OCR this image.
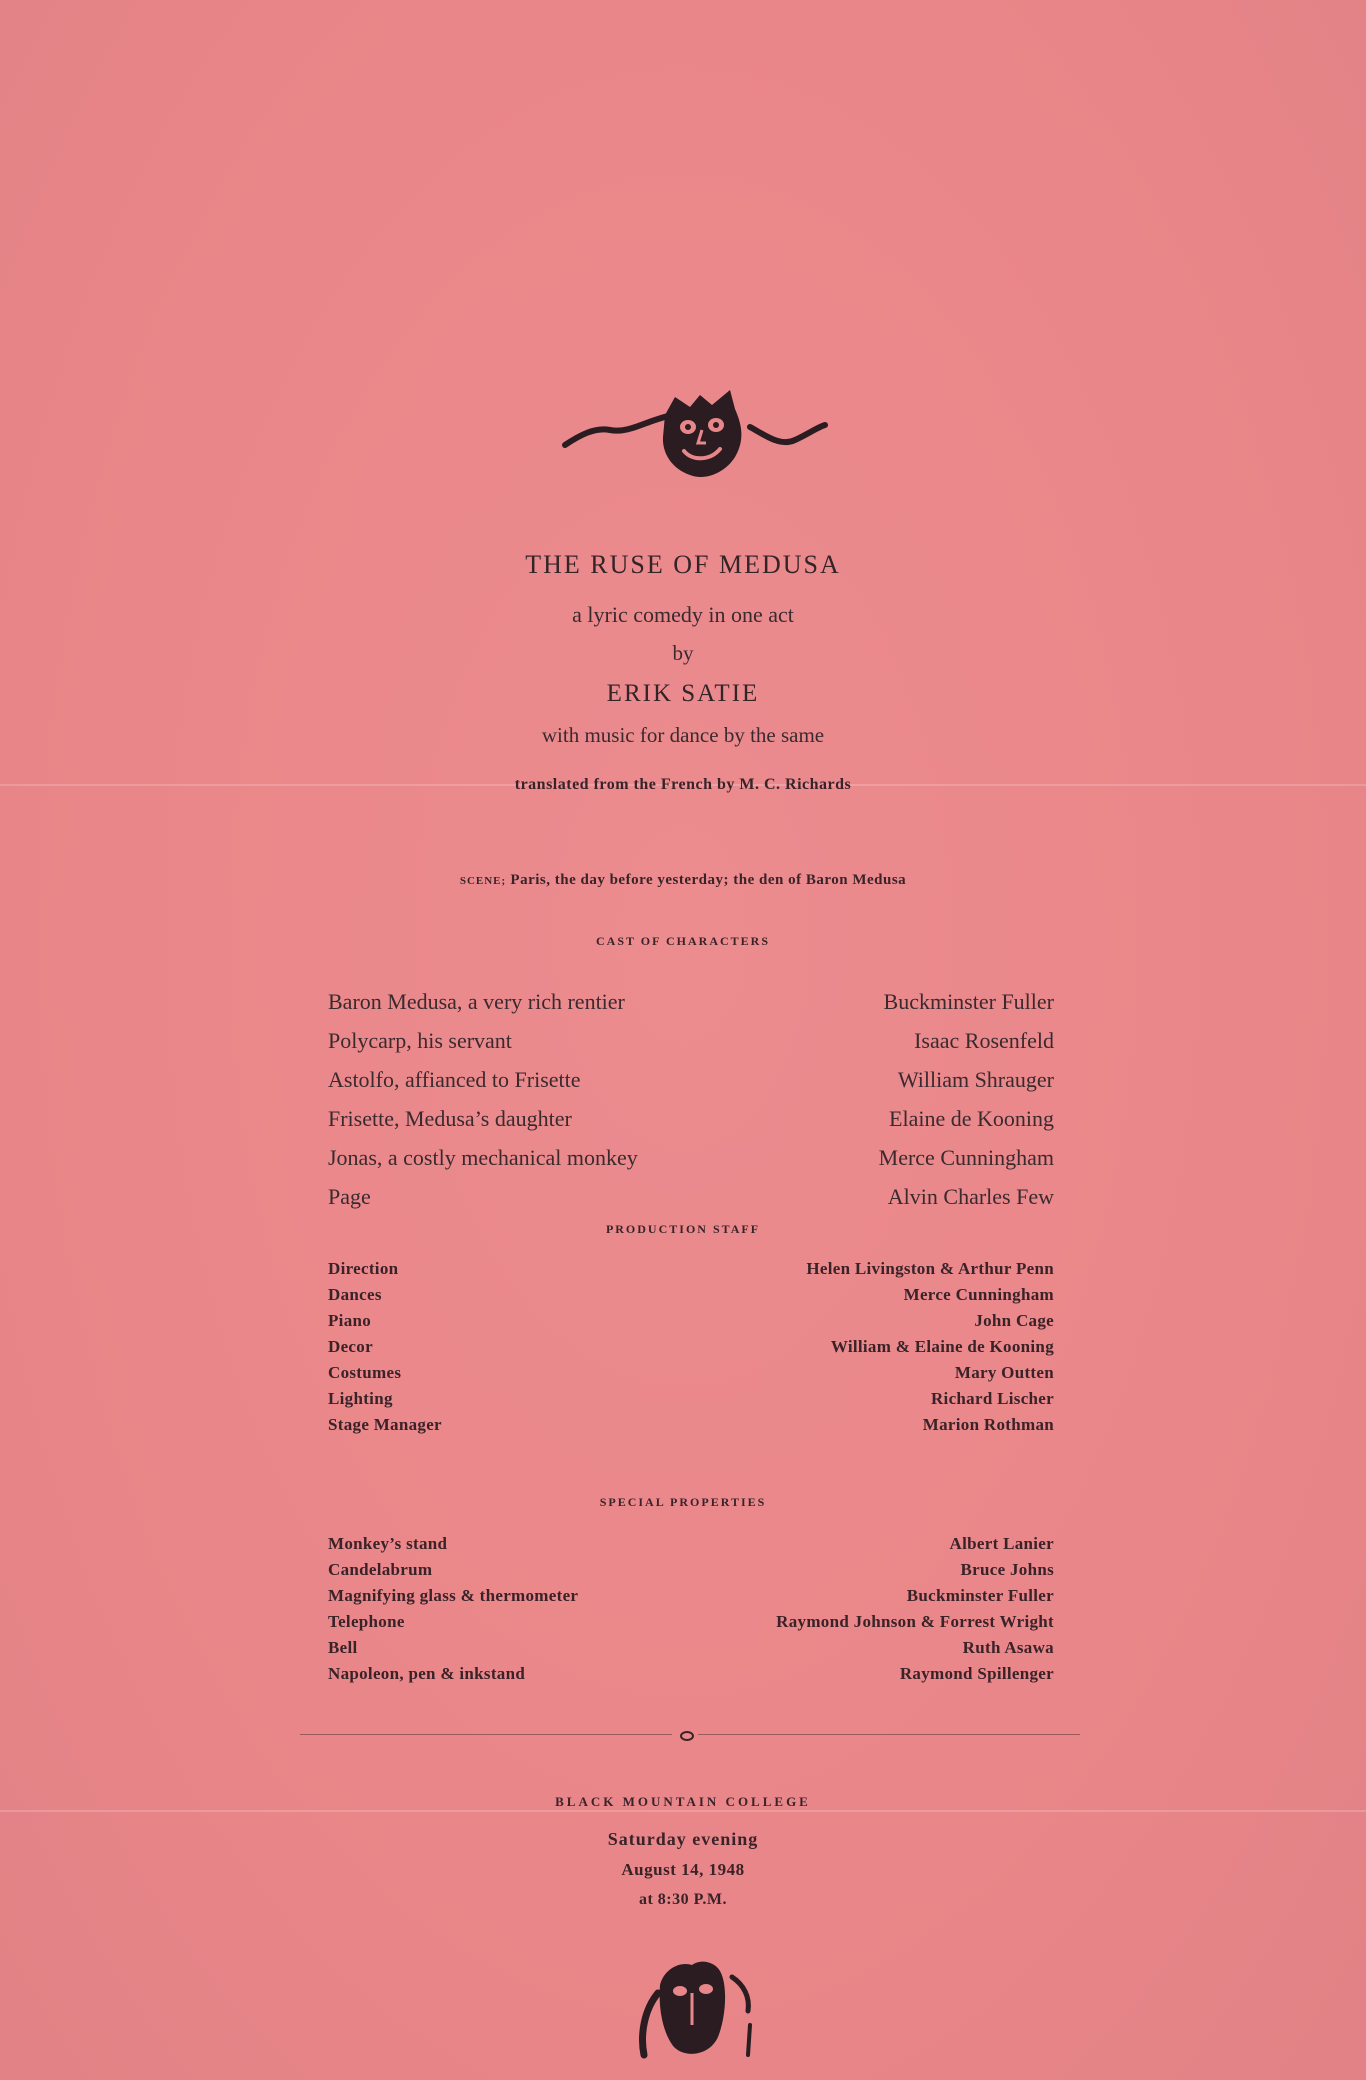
THE RUSE OF MEDUSA
a lyric comedy in one act
by
ERIK SATIE
with music for dance by the same
translated from the French by M. C. Richards
SCENE; Paris, the day before yesterday; the den of Baron Medusa
CAST OF CHARACTERS
Baron Medusa, a very rich rentier	Buckminster Fuller
Polycarp, his servant	Isaac Rosenfeld
Astolfo, affianced to Frisette	William Shrauger
Frisette, Medusa’s daughter	Elaine de Kooning
Jonas, a costly mechanical monkey	Merce Cunningham
Page	Alvin Charles Few
PRODUCTION STAFF
Direction	Helen Livingston & Arthur Penn
Dances	Merce Cunningham
Piano	John Cage
Decor	William & Elaine de Kooning
Costumes	Mary Outten
Lighting	Richard Lischer
Stage Manager	Marion Rothman
SPECIAL PROPERTIES
Monkey’s stand	Albert Lanier
Candelabrum	Bruce Johns
Magnifying glass & thermometer	Buckminster Fuller
Telephone	Raymond Johnson & Forrest Wright
Bell	Ruth Asawa
Napoleon, pen & inkstand	Raymond Spillenger
BLACK MOUNTAIN COLLEGE
Saturday evening
August 14, 1948
at 8:30 P.M.
